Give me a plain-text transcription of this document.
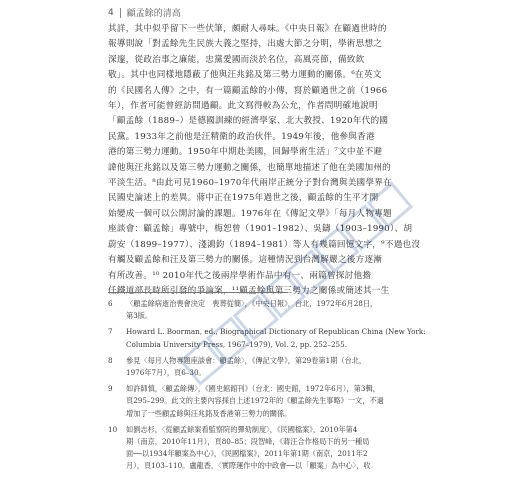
4 顧孟餘的清高
其詳，其中似乎留下一些伏筆，頗耐人尋味。《中央日報》在顧過世時的
報導則說「對孟餘先生民族大義之堅持，出處大節之分明，學術思想之
深邃，從政治事之廉能，忠黨愛國而淡於名位，高風亮節，備致欽
敬」。其中也同樣地隱蔽了他與汪兆銘及第三勢力運動的關係。⁶在英文
的《民國名人傳》之中，有一篇顧孟餘的小傳，寫於顧過世之前（1966
年），作者可能曾經訪問過顧。此文寫得較為公允，作者問明確地說明
「顧孟餘（1889–）是德國訓練的經濟學家、北大教授、1920年代的國
民黨。1933年之前他是汪精衛的政治伙伴。1949年後，他參與香港
港的第三勢力運動。1950年中期赴美國，回歸學術生活」⁷文中並不避
諱他與汪兆銘以及第三勢力運動之關係，也簡單地描述了他在美國加州的
平淡生活。⁸由此可見1960–1970年代兩岸正統分子對台灣與美國學界在
民國史論述上的差異。蔣中正在1975年過世之後，顧孟餘的生平才開
始變成一個可以公開討論的課題。1976年在《傳記文學》「每月人物專題
座談會：顧孟餘」專號中，梅恕曾（1901–1982）、吳鑄（1903–1990）、胡
蔚安（1899–1977）、淺鴻鈞（1894–1981）等人有幾篇回憶文字，⁹不過也沒
有觸及顧孟餘和汪及第三勢力的關係。這種情況到台灣解嚴之後方逐漸
有所改善。¹⁰ 2010年代之後兩岸學術作品中有一、兩篇曾探討他擔
任鐵道部長時所引發的爭論案，¹¹顧孟餘與第三勢力之關係或簡述其一生
6	〈顧孟餘病逝治喪會決定　喪葬從簡〉，《中央日報》，台北，1972年6月28日，
第3版。
7	Howard L. Boorman, ed., Biographical Dictionary of Republican China (New York:
Columbia University Press, 1967–1979), Vol. 2, pp. 252–255.
8	參見〈每月人物專題座談會：顧孟餘〉，《傳記文學》，第29卷第1期（台北，
1976年7月），頁6–30。
9	如許師慎，〈顧孟餘傳〉，《國史館館刊》（台北：國史館，1972年6月），第3輯，
頁295–299。此文的主要內容採自上述1972年的《顧孟餘先生事略》一文，不過
增加了一些顧孟餘與汪兆銘及香港第三勢力的關係。
10	如劉志杉，〈從顧孟餘案看監察院的彈劾制度〉，《民國檔案》，2010年第4
期（南京，2010年11月），頁80–85；段智峰，《蔣汪合作格局下的另一種局
面──以1934年顧案為中心》，《民國檔案》，2011年第1期（南京，2011年2
月），頁103–110。盧龍香，〈實際運作中的中政會──以「顧案」為中心〉，收
